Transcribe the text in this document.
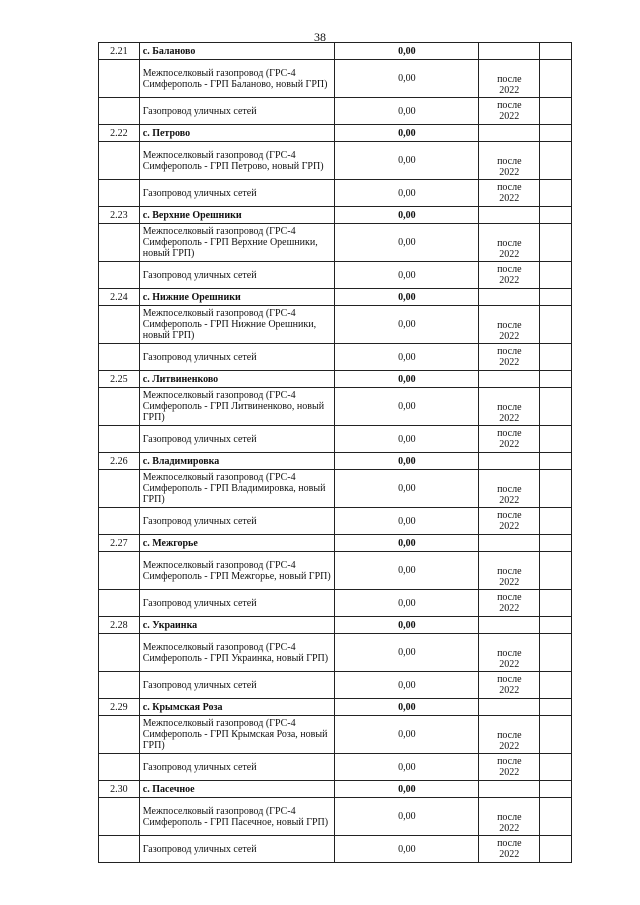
38
2.21	с. Баланово	0,00		
	Межпоселковый газопровод (ГРС-4 Симферополь - ГРП Баланово, новый ГРП)	0,00	после
2022	

	Газопровод уличных сетей	0,00	после
2022	

2.22	с. Петрово	0,00		
	Межпоселковый газопровод (ГРС-4 Симферополь - ГРП Петрово, новый ГРП)	0,00	после
2022	

	Газопровод уличных сетей	0,00	после
2022	

2.23	с. Верхние Орешники	0,00		
	Межпоселковый газопровод (ГРС-4 Симферополь - ГРП Верхние Орешники, новый ГРП)	0,00	после
2022	

	Газопровод уличных сетей	0,00	после
2022	

2.24	с. Нижние Орешники	0,00		
	Межпоселковый газопровод (ГРС-4 Симферополь - ГРП Нижние Орешники, новый ГРП)	0,00	после
2022	

	Газопровод уличных сетей	0,00	после
2022	

2.25	с. Литвиненково	0,00		
	Межпоселковый газопровод (ГРС-4 Симферополь - ГРП Литвиненково, новый ГРП)	0,00	после
2022	

	Газопровод уличных сетей	0,00	после
2022	

2.26	с. Владимировка	0,00		
	Межпоселковый газопровод (ГРС-4 Симферополь - ГРП Владимировка, новый ГРП)	0,00	после
2022	

	Газопровод уличных сетей	0,00	после
2022	

2.27	с. Межгорье	0,00		
	Межпоселковый газопровод (ГРС-4 Симферополь - ГРП Межгорье, новый ГРП)	0,00	после
2022	

	Газопровод уличных сетей	0,00	после
2022	

2.28	с. Украинка	0,00		
	Межпоселковый газопровод (ГРС-4 Симферополь - ГРП Украинка, новый ГРП)	0,00	после
2022	

	Газопровод уличных сетей	0,00	после
2022	

2.29	с. Крымская Роза	0,00		
	Межпоселковый газопровод (ГРС-4 Симферополь - ГРП Крымская Роза, новый ГРП)	0,00	после
2022	

	Газопровод уличных сетей	0,00	после
2022	

2.30	с. Пасечное	0,00		
	Межпоселковый газопровод (ГРС-4 Симферополь - ГРП Пасечное, новый ГРП)	0,00	после
2022	

	Газопровод уличных сетей	0,00	после
2022	
